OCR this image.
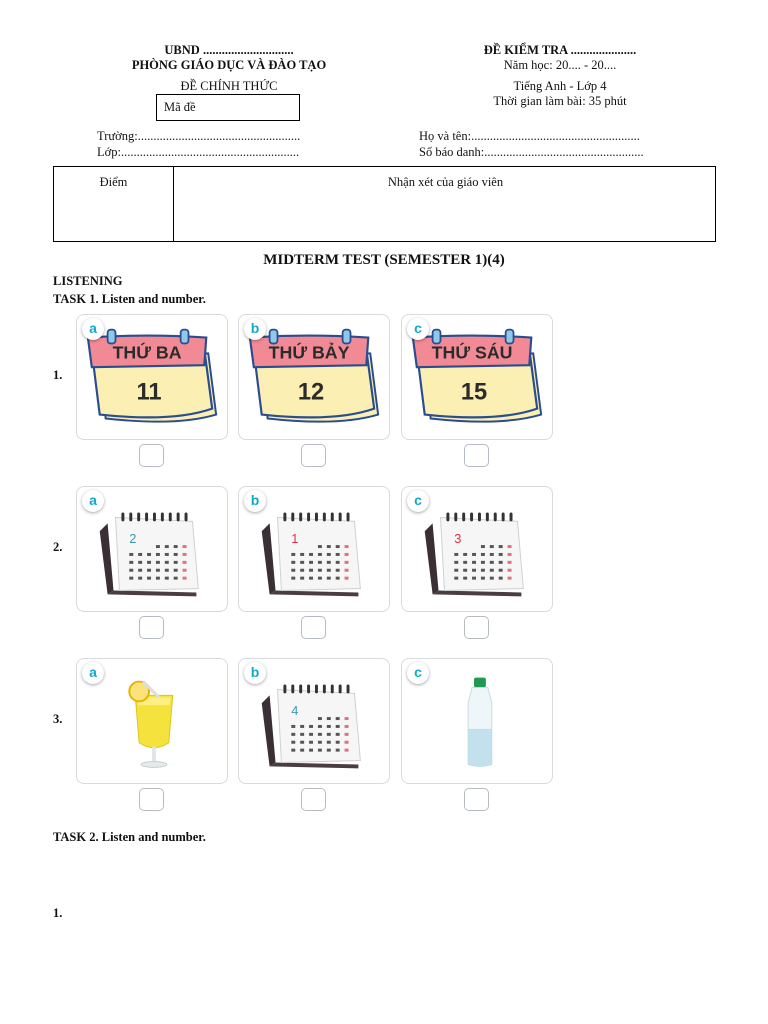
UBND .............................
PHÒNG GIÁO DỤC VÀ ĐÀO TẠO
ĐỀ CHÍNH THỨC
Mã đề
ĐỀ KIỂM TRA .....................
Năm học: 20.... - 20....
Tiếng Anh - Lớp 4
Thời gian làm bài: 35 phút
Trường:....................................................
Lớp:.........................................................
Họ và tên:......................................................
Số báo danh:...................................................
Điểm	Nhận xét của giáo viên
MIDTERM TEST (SEMESTER 1)(4)
LISTENING
TASK 1. Listen and number.
1.
THỨ BA
11
a
THỨ BẢY
12
b
THỨ SÁU
15
c
2.
2
a
1
b
3
c
3.
a
4
b	c
TASK 2. Listen and number.
1.
